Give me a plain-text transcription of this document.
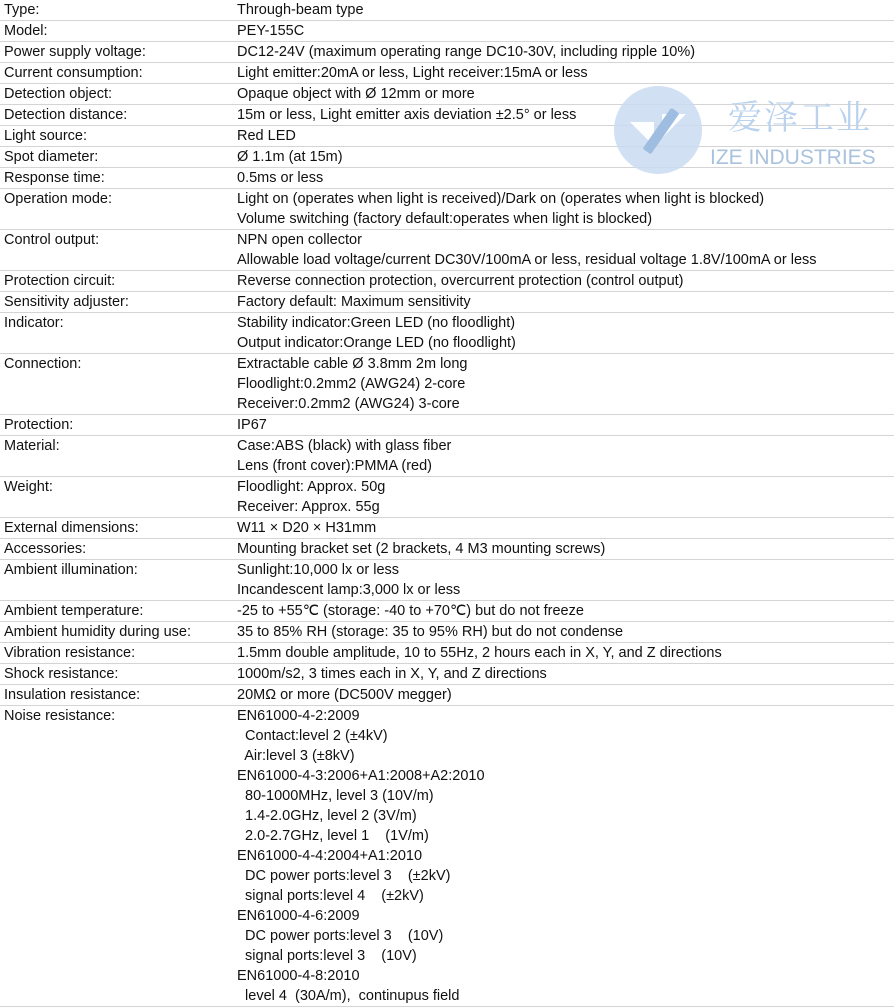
Type:	Through-beam type
Model:	PEY-155C
Power supply voltage:	DC12-24V (maximum operating range DC10-30V, including ripple 10%)
Current consumption:	Light emitter:20mA or less, Light receiver:15mA or less
Detection object:	Opaque object with Ø 12mm or more
Detection distance:	15m or less, Light emitter axis deviation ±2.5° or less
Light source:	Red LED
Spot diameter:	Ø 1.1m (at 15m)
Response time:	0.5ms or less
Operation mode:	Light on (operates when light is received)/Dark on (operates when light is blocked)
Volume switching (factory default:operates when light is blocked)
Control output:	NPN open collector
Allowable load voltage/current DC30V/100mA or less, residual voltage 1.8V/100mA or less
Protection circuit:	Reverse connection protection, overcurrent protection (control output)
Sensitivity adjuster:	Factory default: Maximum sensitivity
Indicator:	Stability indicator:Green LED (no floodlight)
Output indicator:Orange LED (no floodlight)
Connection:	Extractable cable Ø 3.8mm 2m long
Floodlight:0.2mm2 (AWG24) 2-core
Receiver:0.2mm2 (AWG24) 3-core
Protection:	IP67
Material:	Case:ABS (black) with glass fiber
Lens (front cover):PMMA (red)
Weight:	Floodlight: Approx. 50g
Receiver: Approx. 55g
External dimensions:	W11 × D20 × H31mm
Accessories:	Mounting bracket set (2 brackets, 4 M3 mounting screws)
Ambient illumination:	Sunlight:10,000 lx or less
Incandescent lamp:3,000 lx or less
Ambient temperature:	-25 to +55℃ (storage: -40 to +70℃) but do not freeze
Ambient humidity during use:	35 to 85% RH (storage: 35 to 95% RH) but do not condense
Vibration resistance:	1.5mm double amplitude, 10 to 55Hz, 2 hours each in X, Y, and Z directions
Shock resistance:	1000m/s2, 3 times each in X, Y, and Z directions
Insulation resistance:	20MΩ or more (DC500V megger)
Noise resistance:	EN61000-4-2:2009
Contact:level 2 (±4kV)
Air:level 3 (±8kV)
EN61000-4-3:2006+A1:2008+A2:2010
80-1000MHz, level 3 (10V/m)
1.4-2.0GHz, level 2 (3V/m)
2.0-2.7GHz, level 1    (1V/m)
EN61000-4-4:2004+A1:2010
DC power ports:level 3    (±2kV)
signal ports:level 4    (±2kV)
EN61000-4-6:2009
DC power ports:level 3    (10V)
signal ports:level 3    (10V)
EN61000-4-8:2010
level 4  (30A/m),  continupus field
爱泽工业
IZE INDUSTRIES
